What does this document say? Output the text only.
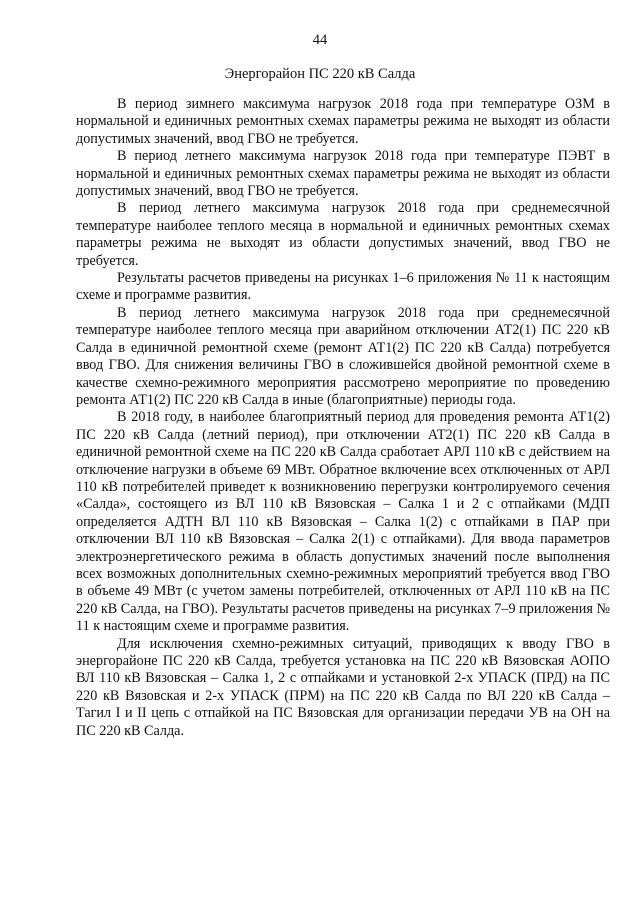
44
Энергорайон ПС 220 кВ Салда

В период зимнего максимума нагрузок 2018 года при температуре ОЗМ в нормальной и единичных ремонтных схемах параметры режима не выходят из области допустимых значений, ввод ГВО не требуется.

В период летнего максимума нагрузок 2018 года при температуре ПЭВТ в нормальной и единичных ремонтных схемах параметры режима не выходят из области допустимых значений, ввод ГВО не требуется.

В период летнего максимума нагрузок 2018 года при среднемесячной температуре наиболее теплого месяца в нормальной и единичных ремонтных схемах параметры режима не выходят из области допустимых значений, ввод ГВО не требуется.

Результаты расчетов приведены на рисунках 1–6 приложения № 11 к настоящим схеме и программе развития.

В период летнего максимума нагрузок 2018 года при среднемесячной температуре наиболее теплого месяца при аварийном отключении АТ2(1) ПС 220 кВ Салда в единичной ремонтной схеме (ремонт АТ1(2) ПС 220 кВ Салда) потребуется ввод ГВО. Для снижения величины ГВО в сложившейся двойной ремонтной схеме в качестве схемно-режимного мероприятия рассмотрено мероприятие по проведению ремонта АТ1(2) ПС 220 кВ Салда в иные (благоприятные) периоды года.

В 2018 году, в наиболее благоприятный период для проведения ремонта АТ1(2) ПС 220 кВ Салда (летний период), при отключении АТ2(1) ПС 220 кВ Салда в единичной ремонтной схеме на ПС 220 кВ Салда сработает АРЛ 110 кВ с действием на отключение нагрузки в объеме 69 МВт. Обратное включение всех отключенных от АРЛ 110 кВ потребителей приведет к возникновению перегрузки контролируемого сечения «Салда», состоящего из ВЛ 110 кВ Вязовская – Салка 1 и 2 с отпайками (МДП определяется АДТН ВЛ 110 кВ Вязовская – Салка 1(2) с отпайками в ПАР при отключении ВЛ 110 кВ Вязовская – Салка 2(1) с отпайками). Для ввода параметров электроэнергетического режима в область допустимых значений после выполнения всех возможных дополнительных схемно-режимных мероприятий требуется ввод ГВО в объеме 49 МВт (с учетом замены потребителей, отключенных от АРЛ 110 кВ на ПС 220 кВ Салда, на ГВО). Результаты расчетов приведены на рисунках 7–9 приложения № 11 к настоящим схеме и программе развития.

Для исключения схемно-режимных ситуаций, приводящих к вводу ГВО в энергорайоне ПС 220 кВ Салда, требуется установка на ПС 220 кВ Вязовская АОПО ВЛ 110 кВ Вязовская – Салка 1, 2 с отпайками и установкой 2-х УПАСК (ПРД) на ПС 220 кВ Вязовская и 2-х УПАСК (ПРМ) на ПС 220 кВ Салда по ВЛ 220 кВ Салда – Тагил I и II цепь с отпайкой на ПС Вязовская для организации передачи УВ на ОН на ПС 220 кВ Салда.
